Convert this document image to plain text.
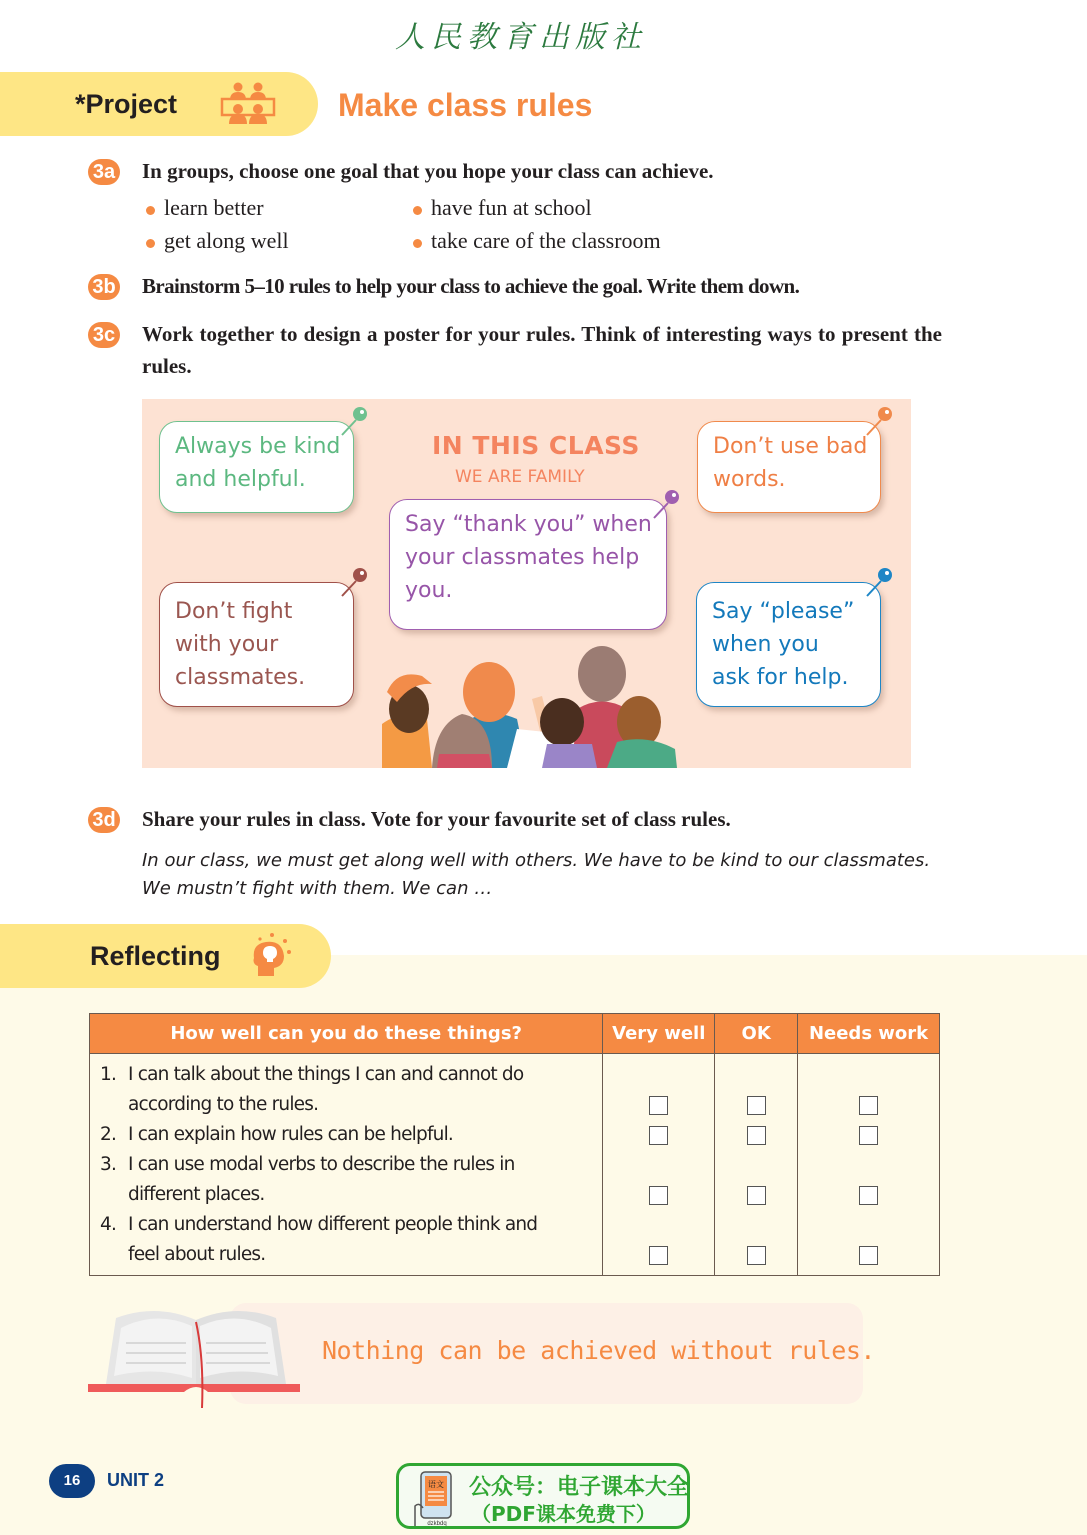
人民教育出版社
*Project	Make class rules
3a In groups, choose one goal that you hope your class can achieve.
learn better	have fun at school
get along well	take care of the classroom
3b Brainstorm 5–10 rules to help your class to achieve the goal. Write them down.
3c Work together to design a poster for your rules. Think of interesting ways to present the rules.
IN THIS CLASS
WE ARE FAMILY
Always be kind
and helpful.
Don’t use bad
words.
Say “thank you” when
your classmates help
you.
Don’t fight
with your
classmates.
Say “please”
when you
ask for help.
3d Share your rules in class. Vote for your favourite set of class rules.
In our class, we must get along well with others. We have to be kind to our classmates.
We mustn’t fight with them. We can …
Reflecting
How well can you do these things?	Very well	OK	Needs work

1. I can talk about the things I can and cannot do
according to the rules.			

2. I can explain how rules can be helpful.			

3. I can use modal verbs to describe the rules in
different places.			

4. I can understand how different people think and
feel about rules.			

Nothing can be achieved without rules.
16	UNIT 2	语文
dzkbdq
公众号：电子课本大全
（PDF课本免费下）
